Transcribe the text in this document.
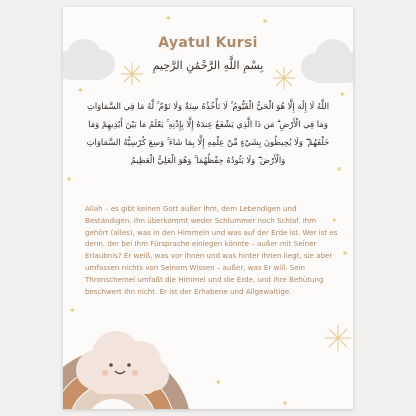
✦
✦	✦
✦
✦
✦
Ayatul Kursi
بِسْمِ اللَّهِ الرَّحْمَٰنِ الرَّحِيمِ
اللَّهُ لَا إِلَٰهَ إِلَّا هُوَ الْحَيُّ الْقَيُّومُ ۚ لَا تَأْخُذُهُ سِنَةٌ وَلَا نَوْمٌ ۚ لَّهُ مَا فِي السَّمَاوَاتِ وَمَا فِي الْأَرْضِ ۗ مَن ذَا الَّذِي يَشْفَعُ عِندَهُ إِلَّا بِإِذْنِهِ ۚ يَعْلَمُ مَا بَيْنَ أَيْدِيهِمْ وَمَا خَلْفَهُمْ ۖ وَلَا يُحِيطُونَ بِشَيْءٍ مِّنْ عِلْمِهِ إِلَّا بِمَا شَاءَ ۚ وَسِعَ كُرْسِيُّهُ السَّمَاوَاتِ وَالْأَرْضَ ۖ وَلَا يَئُودُهُ حِفْظُهُمَا ۚ وَهُوَ الْعَلِيُّ الْعَظِيمُ
Allah – es gibt keinen Gott außer Ihm, dem Lebendigen und Beständigen. Ihn überkommt weder Schlummer noch Schlaf. Ihm gehört (alles), was in den Himmeln und was auf der Erde ist. Wer ist es denn, der bei Ihm Fürsprache einlegen könnte – außer mit Seiner Erlaubnis? Er weiß, was vor ihnen und was hinter ihnen liegt, sie aber umfassen nichts von Seinem Wissen – außer, was Er will. Sein Thronschemel umfaßt die Himmel und die Erde, und ihre Behütung beschwert Ihn nicht. Er ist der Erhabene und Allgewaltige.
